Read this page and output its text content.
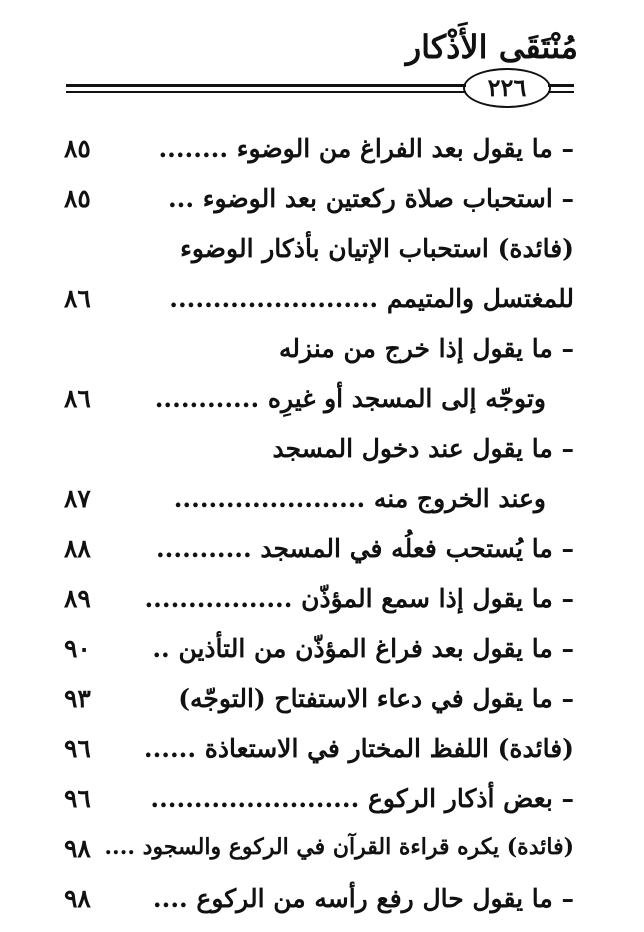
مُنْتَقَى الأَذْكار
٢٢٦
– ما يقول بعد الفراغ من الوضوء ........
٨٥
– استحباب صلاة ركعتين بعد الوضوء ...
٨٥
(فائدة) استحباب الإتيان بأذكار الوضوء
للمغتسل والمتيمم ........................
٨٦
– ما يقول إذا خرج من منزله
وتوجّه إلى المسجد أو غيرِه ............
٨٦
– ما يقول عند دخول المسجد
وعند الخروج منه ......................
٨٧
– ما يُستحب فعلُه في المسجد ...........
٨٨
– ما يقول إذا سمع المؤذّن .................
٨٩
– ما يقول بعد فراغ المؤذّن من التأذين ..
٩٠
– ما يقول في دعاء الاستفتاح (التوجّه)
٩٣
(فائدة) اللفظ المختار في الاستعاذة ......
٩٦
– بعض أذكار الركوع ........................
٩٦
(فائدة) يكره قراءة القرآن في الركوع والسجود ....
٩٨
– ما يقول حال رفع رأسه من الركوع ....
٩٨
